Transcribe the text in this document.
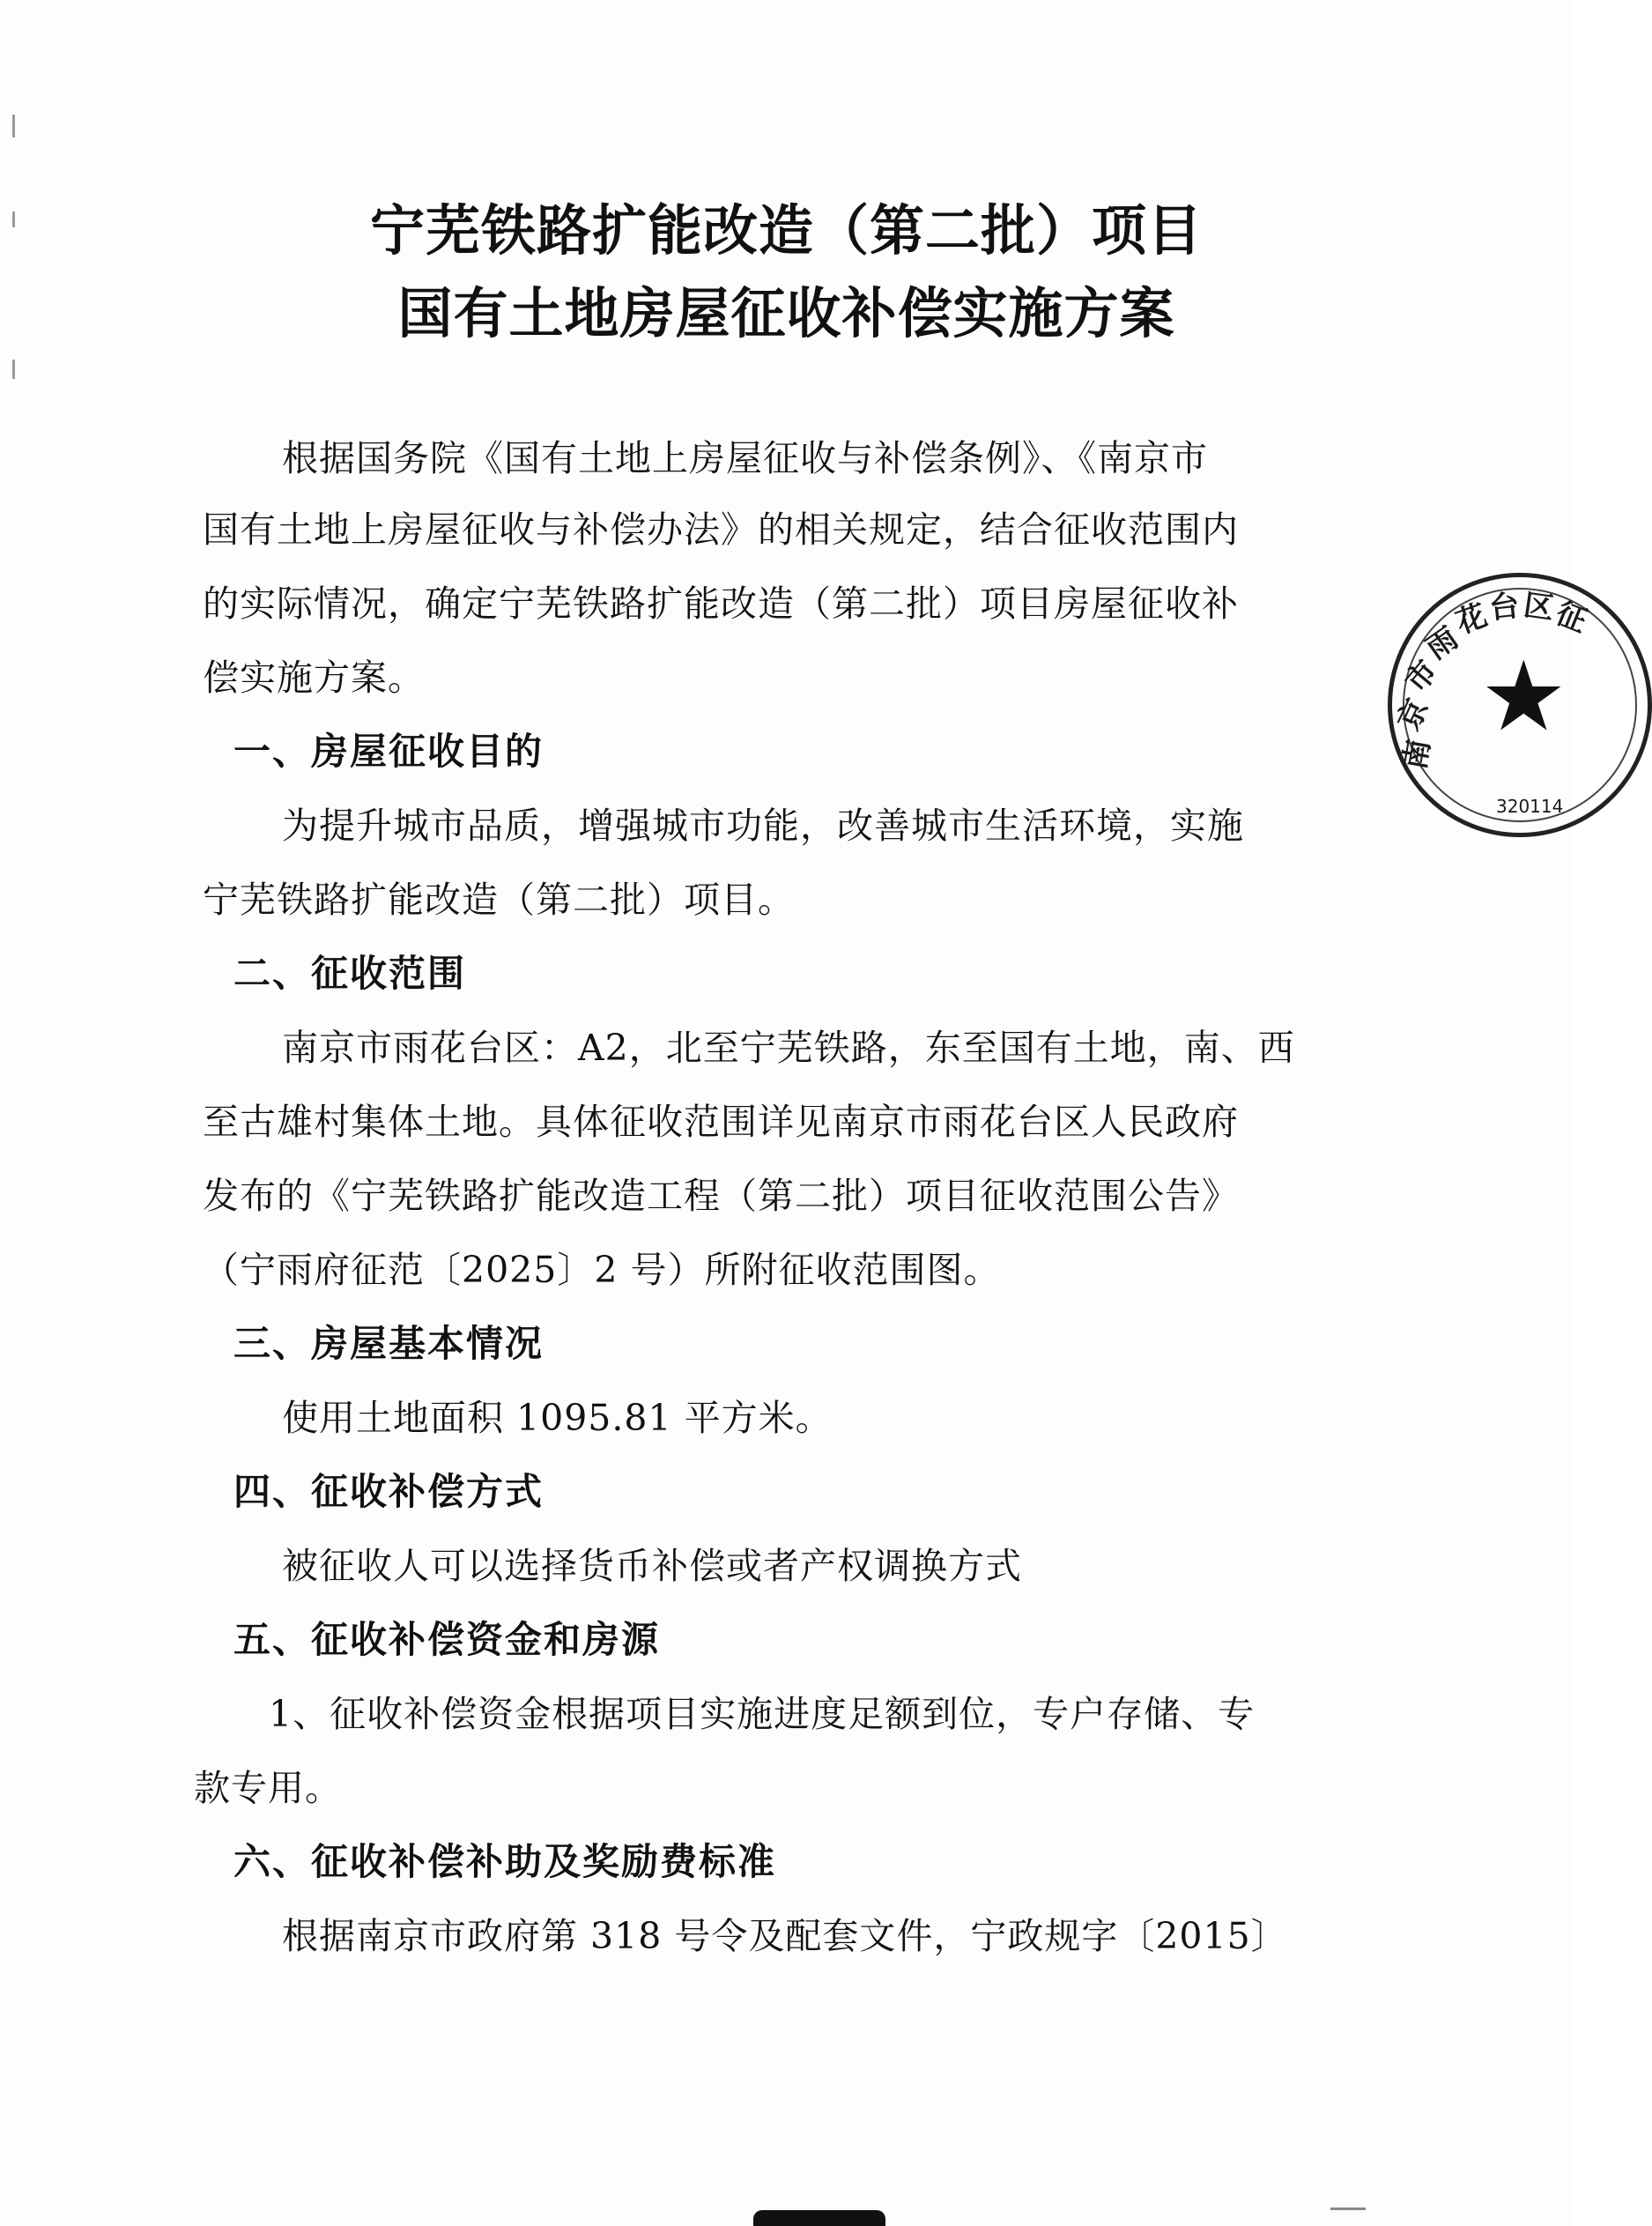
宁芜铁路扩能改造（第二批）项目
国有土地房屋征收补偿实施方案
根据国务院《国有土地上房屋征收与补偿条例》、《南京市
国有土地上房屋征收与补偿办法》的相关规定，结合征收范围内
的实际情况，确定宁芜铁路扩能改造（第二批）项目房屋征收补
偿实施方案。
一、房屋征收目的
为提升城市品质，增强城市功能，改善城市生活环境，实施
宁芜铁路扩能改造（第二批）项目。
二、征收范围
南京市雨花台区：A2，北至宁芜铁路，东至国有土地，南、西
至古雄村集体土地。具体征收范围详见南京市雨花台区人民政府
发布的《宁芜铁路扩能改造工程（第二批）项目征收范围公告》
（宁雨府征范〔2025〕2 号）所附征收范围图。
三、房屋基本情况
使用土地面积 1095.81 平方米。
四、征收补偿方式
被征收人可以选择货币补偿或者产权调换方式
五、征收补偿资金和房源
1、征收补偿资金根据项目实施进度足额到位，专户存储、专
款专用。
六、征收补偿补助及奖励费标准
根据南京市政府第 318 号令及配套文件，宁政规字〔2015〕
★
南
京
市
雨
花
台 区
征
320114
